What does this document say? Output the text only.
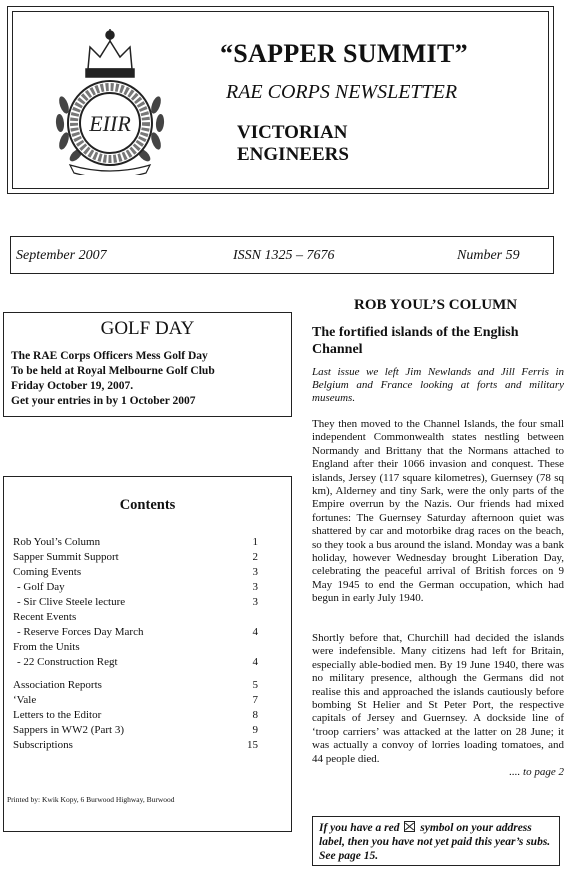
EIIR
“SAPPER SUMMIT”
RAE CORPS NEWSLETTER
VICTORIAN
ENGINEERS
September 2007	ISSN 1325 – 7676	Number 59
GOLF DAY
The RAE Corps Officers Mess Golf Day
To be held at Royal Melbourne Golf Club
Friday October 19, 2007.
Get your entries in by 1 October 2007
Contents
Rob Youl’s Column	1
Sapper Summit Support	2
Coming Events	3
- Golf Day	3
- Sir Clive Steele lecture	3
Recent Events
- Reserve Forces Day March	4
From the Units
- 22 Construction Regt	4
Association Reports	5
‘Vale	7
Letters to the Editor	8
Sappers in WW2 (Part 3)	9
Subscriptions	15
Printed by: Kwik Kopy, 6 Burwood Highway, Burwood
ROB YOUL’S COLUMN
The fortified islands of the English Channel
Last issue we left Jim Newlands and Jill Ferris in Belgium and France looking at forts and military museums.
They then moved to the Channel Islands, the four small independent Commonwealth states nestling between Normandy and Brittany that the Normans attached to England after their 1066 invasion and conquest. These islands, Jersey (117 square kilometres), Guernsey (78 sq km), Alderney and tiny Sark, were the only parts of the Empire overrun by the Nazis. Our friends had mixed fortunes: The Guernsey Saturday afternoon quiet was shattered by car and motorbike drag races on the beach, so they took a bus around the island. Monday was a bank holiday, however Wednesday brought Liberation Day, celebrating the peaceful arrival of British forces on 9 May 1945 to end the German occupation, which had begun in early July 1940.
Shortly before that, Churchill had decided the islands were indefensible. Many citizens had left for Britain, especially able-bodied men. By 19 June 1940, there was no military presence, although the Germans did not realise this and approached the islands cautiously before bombing St Helier and St Peter Port, the respective capitals of Jersey and Guernsey. A dockside line of ‘troop carriers’ was attacked at the latter on 28 June; it was actually a convoy of lorries loading tomatoes, and 44 people died.
.... to page 2
If you have a red ☒ symbol on your address label, then you have not yet paid this year’s subs. See page 15.
